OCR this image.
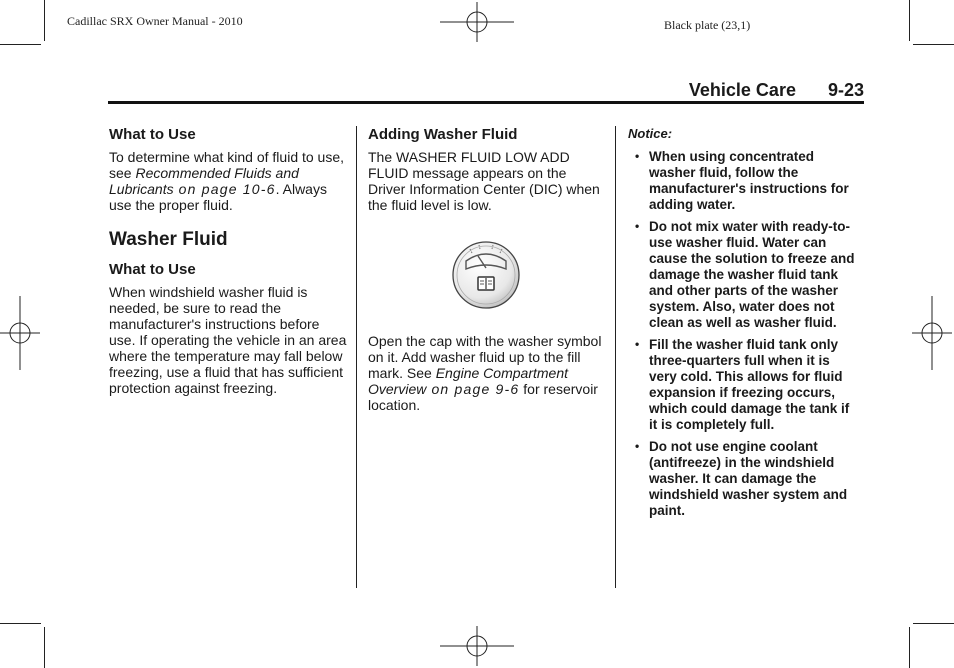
Cadillac SRX Owner Manual - 2010	Black plate (23,1)
Vehicle Care 9-23
What to Use

To determine what kind of fluid to use, see Recommended Fluids and Lubricants on page 10-6. Always use the proper fluid.

Washer Fluid
What to Use

When windshield washer fluid is needed, be sure to read the manufacturer's instructions before use. If operating the vehicle in an area where the temperature may fall below freezing, use a fluid that has sufficient protection against freezing.

Adding Washer Fluid

The WASHER FLUID LOW ADD FLUID message appears on the Driver Information Center (DIC) when the fluid level is low.

Open the cap with the washer symbol on it. Add washer fluid up to the fill mark. See Engine Compartment Overview on page 9-6 for reservoir location.

Notice:
• When using concentrated washer fluid, follow the manufacturer's instructions for adding water.
• Do not mix water with ready-to-use washer fluid. Water can cause the solution to freeze and damage the washer fluid tank and other parts of the washer system. Also, water does not clean as well as washer fluid.
• Fill the washer fluid tank only three-quarters full when it is very cold. This allows for fluid expansion if freezing occurs, which could damage the tank if it is completely full.
• Do not use engine coolant (antifreeze) in the windshield washer. It can damage the windshield washer system and paint.
